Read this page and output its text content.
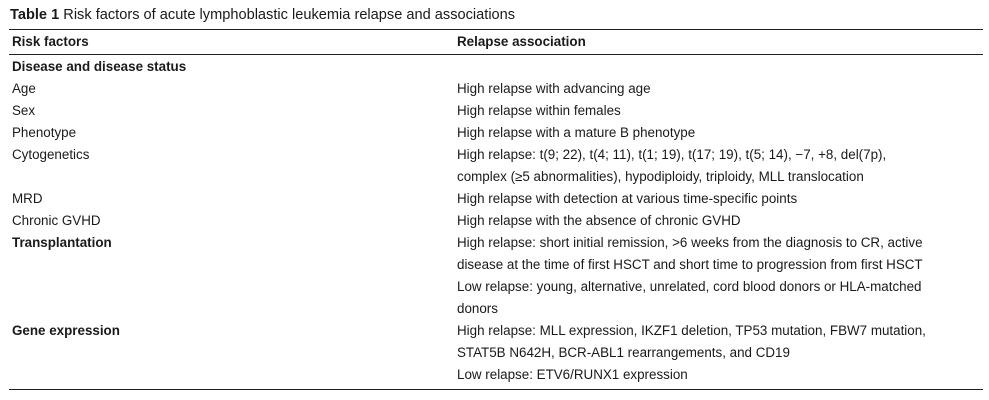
Table 1 Risk factors of acute lymphoblastic leukemia relapse and associations
Risk factors	Relapse association
Disease and disease status	
Age	High relapse with advancing age

Sex	High relapse within females

Phenotype	High relapse with a mature B phenotype

Cytogenetics	High relapse: t(9; 22), t(4; 11), t(1; 19), t(17; 19), t(5; 14), −7, +8, del(7p),
complex (≥5 abnormalities), hypodiploidy, triploidy, MLL translocation

MRD	High relapse with detection at various time-specific points

Chronic GVHD	High relapse with the absence of chronic GVHD

Transplantation	High relapse: short initial remission, >6 weeks from the diagnosis to CR, active
disease at the time of first HSCT and short time to progression from first HSCT
Low relapse: young, alternative, unrelated, cord blood donors or HLA-matched
donors

Gene expression	High relapse: MLL expression, IKZF1 deletion, TP53 mutation, FBW7 mutation,
STAT5B N642H, BCR-ABL1 rearrangements, and CD19
Low relapse: ETV6/RUNX1 expression
